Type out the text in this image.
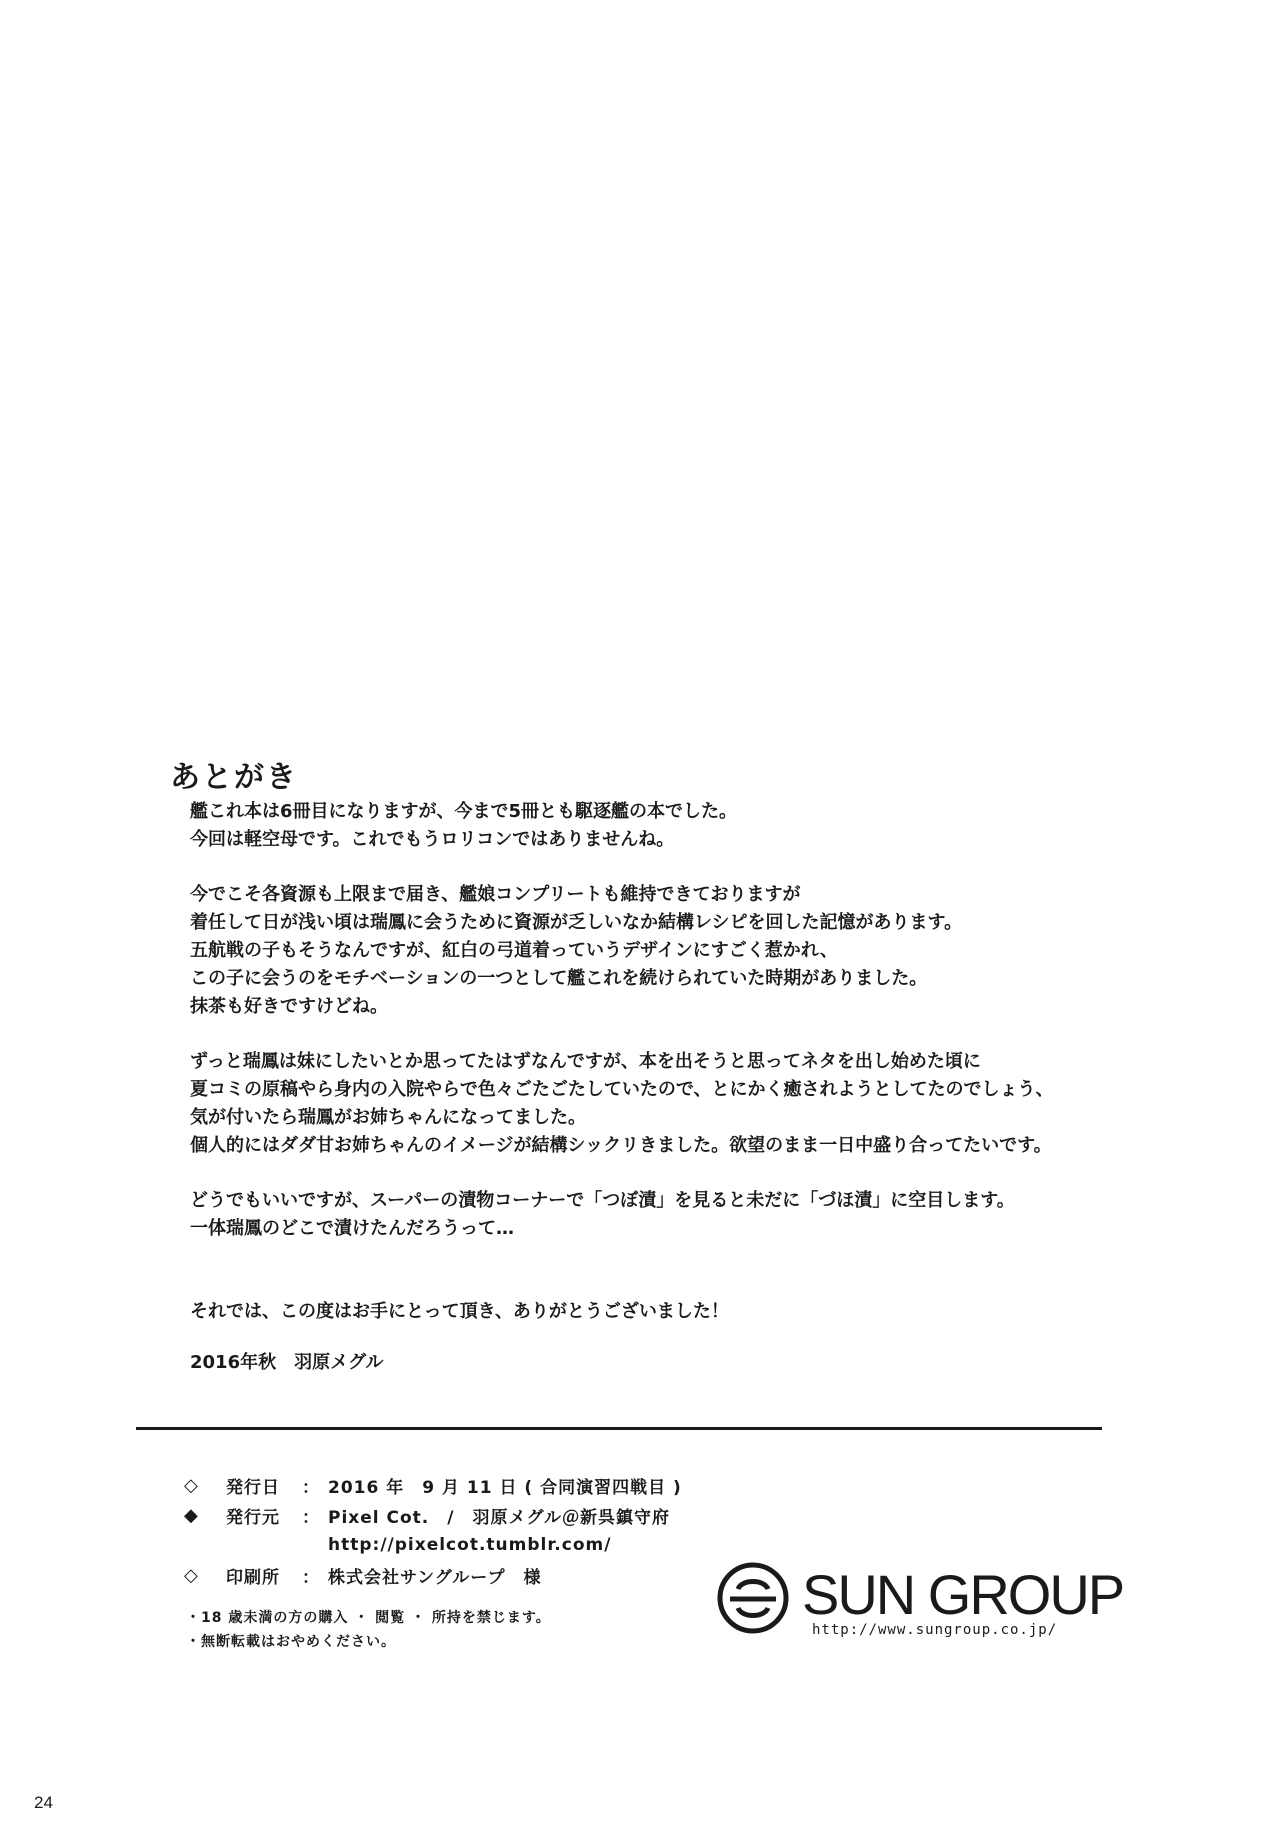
あとがき

艦これ本は6冊目になりますが、今まで5冊とも駆逐艦の本でした。
今回は軽空母です。これでもうロリコンではありませんね。

今でこそ各資源も上限まで届き、艦娘コンプリートも維持できておりますが
着任して日が浅い頃は瑞鳳に会うために資源が乏しいなか結構レシピを回した記憶があります。
五航戦の子もそうなんですが、紅白の弓道着っていうデザインにすごく惹かれ、
この子に会うのをモチベーションの一つとして艦これを続けられていた時期がありました。
抹茶も好きですけどね。

ずっと瑞鳳は妹にしたいとか思ってたはずなんですが、本を出そうと思ってネタを出し始めた頃に
夏コミの原稿やら身内の入院やらで色々ごたごたしていたので、とにかく癒されようとしてたのでしょう、
気が付いたら瑞鳳がお姉ちゃんになってました。
個人的にはダダ甘お姉ちゃんのイメージが結構シックリきました。欲望のまま一日中盛り合ってたいです。

どうでもいいですが、スーパーの漬物コーナーで「つぼ漬」を見ると未だに「づほ漬」に空目します。
一体瑞鳳のどこで漬けたんだろうって…

それでは、この度はお手にとって頂き、ありがとうございました！

2016年秋　羽原メグル
◇	発行日	： 2016 年　9 月 11 日 ( 合同演習四戦目 )
◆	発行元	： Pixel Cot.　/　羽原メグル＠新呉鎮守府
http://pixelcot.tumblr.com/
◇	印刷所	： 株式会社サングループ　様
・18 歳未満の方の購入 ・ 閲覧 ・ 所持を禁じます。
・無断転載はおやめください。
SUN GROUP
http://www.sungroup.co.jp/
24
